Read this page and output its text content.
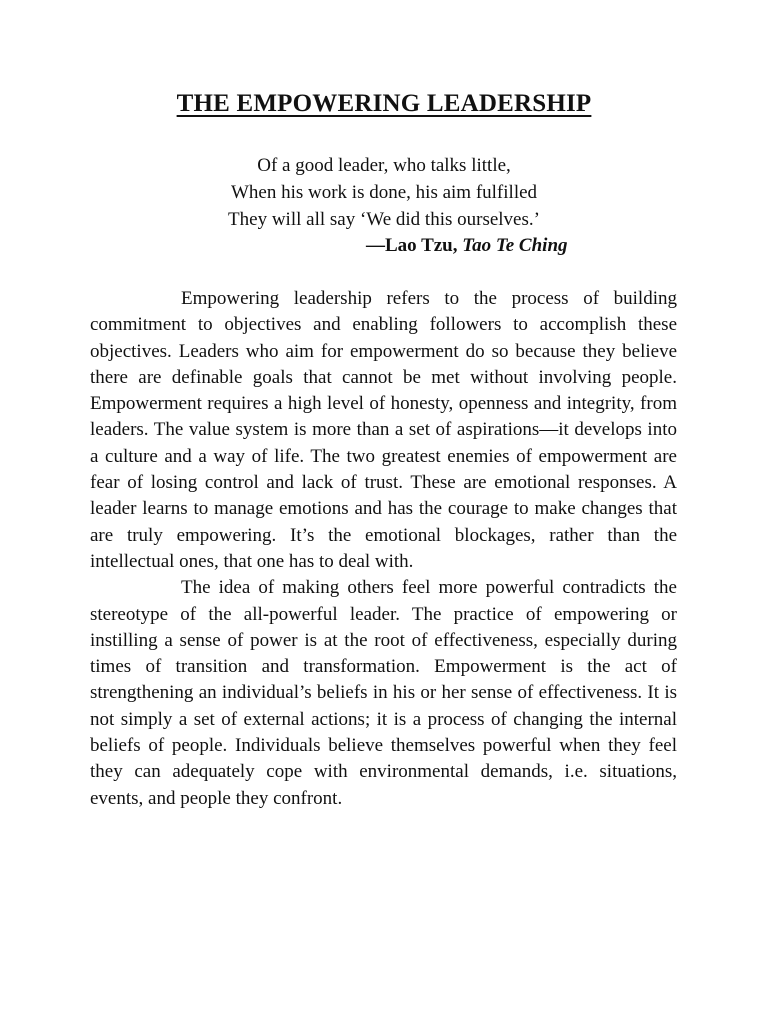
THE EMPOWERING LEADERSHIP
Of a good leader, who talks little,
When his work is done, his aim fulfilled
They will all say ‘We did this ourselves.’
—Lao Tzu, Tao Te Ching

Empowering leadership refers to the process of building commitment to objectives and enabling followers to accomplish these objectives. Leaders who aim for empowerment do so because they believe there are definable goals that cannot be met without involving people. Empowerment requires a high level of honesty, openness and integrity, from leaders. The value system is more than a set of aspirations—it develops into a culture and a way of life. The two greatest enemies of empowerment are fear of losing control and lack of trust. These are emotional responses. A leader learns to manage emotions and has the courage to make changes that are truly empowering. It’s the emotional blockages, rather than the intellectual ones, that one has to deal with.

The idea of making others feel more powerful contradicts the stereotype of the all-powerful leader. The practice of empowering or instilling a sense of power is at the root of effectiveness, especially during times of transition and transformation. Empowerment is the act of strengthening an individual’s beliefs in his or her sense of effectiveness. It is not simply a set of external actions; it is a process of changing the internal beliefs of people. Individuals believe themselves powerful when they feel they can adequately cope with environmental demands, i.e. situations, events, and people they confront.
